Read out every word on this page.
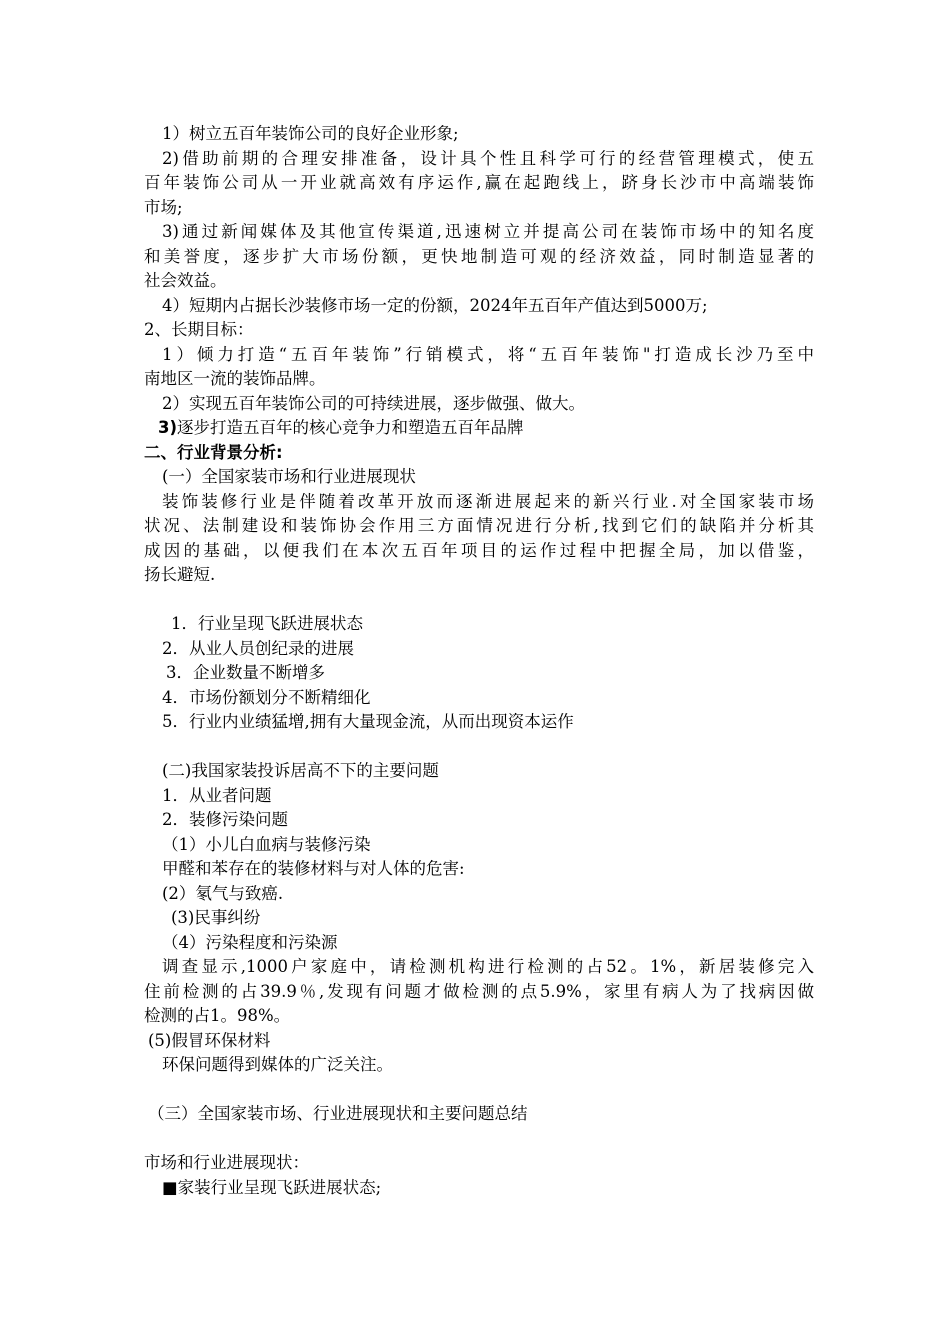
1）树立五百年装饰公司的良好企业形象;
2)借助前期的合理安排准备，设计具个性且科学可行的经营管理模式，使五
百年装饰公司从一开业就高效有序运作,赢在起跑线上，跻身长沙市中高端装饰
市场;
3)通过新闻媒体及其他宣传渠道,迅速树立并提高公司在装饰市场中的知名度
和美誉度，逐步扩大市场份额，更快地制造可观的经济效益，同时制造显著的
社会效益。
4）短期内占据长沙装修市场一定的份额，2024年五百年产值达到5000万;
2、长期目标：
1）倾力打造“五百年装饰”行销模式，将“五百年装饰"打造成长沙乃至中
南地区一流的装饰品牌。
2）实现五百年装饰公司的可持续进展，逐步做强、做大。
3)逐步打造五百年的核心竞争力和塑造五百年品牌
二、行业背景分析:
(一）全国家装市场和行业进展现状
装饰装修行业是伴随着改革开放而逐渐进展起来的新兴行业.对全国家装市场
状况、法制建设和装饰协会作用三方面情况进行分析,找到它们的缺陷并分析其
成因的基础，以便我们在本次五百年项目的运作过程中把握全局，加以借鉴，
扬长避短.
1．行业呈现飞跃进展状态
2．从业人员创纪录的进展
3．企业数量不断增多
4．市场份额划分不断精细化
5．行业内业绩猛增,拥有大量现金流，从而出现资本运作
(二)我国家装投诉居高不下的主要问题
1．从业者问题
2．装修污染问题
（1）小儿白血病与装修污染
甲醛和苯存在的装修材料与对人体的危害:
(2）氡气与致癌.
(3)民事纠纷
（4）污染程度和污染源
调查显示,1000户家庭中，请检测机构进行检测的占52。1%，新居装修完入
住前检测的占39.9％,发现有问题才做检测的点5.9%，家里有病人为了找病因做
检测的占1。98%。
(5)假冒环保材料
环保问题得到媒体的广泛关注。
（三）全国家装市场、行业进展现状和主要问题总结
市场和行业进展现状：
■家装行业呈现飞跃进展状态;
